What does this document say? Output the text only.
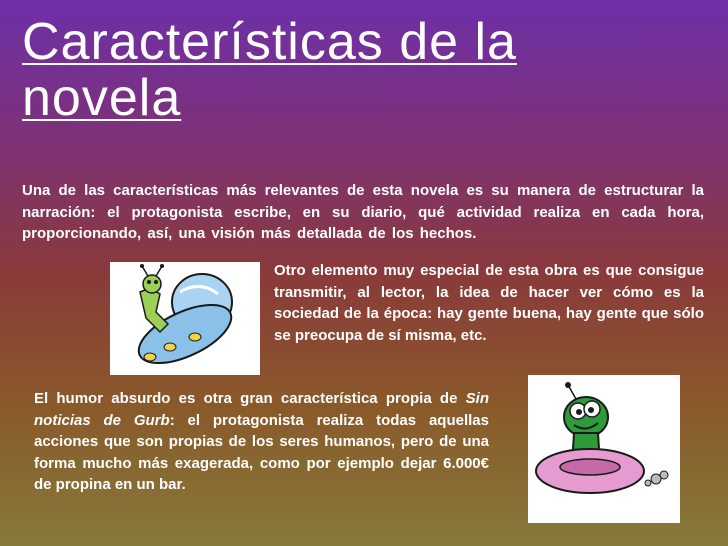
Características de la novela
Una de las características más relevantes de esta novela es su manera de estructurar la narración: el protagonista escribe, en su diario, qué actividad realiza en cada hora, proporcionando, así, una visión más detallada de los hechos.
Otro elemento muy especial de esta obra es que consigue transmitir, al lector, la idea de hacer ver cómo es la sociedad de la época: hay gente buena, hay gente que sólo se preocupa de sí misma, etc.
El humor absurdo es otra gran característica propia de Sin noticias de Gurb: el protagonista realiza todas aquellas acciones que son propias de los seres humanos, pero de una forma mucho más exagerada, como por ejemplo dejar 6.000€ de propina en un bar.
